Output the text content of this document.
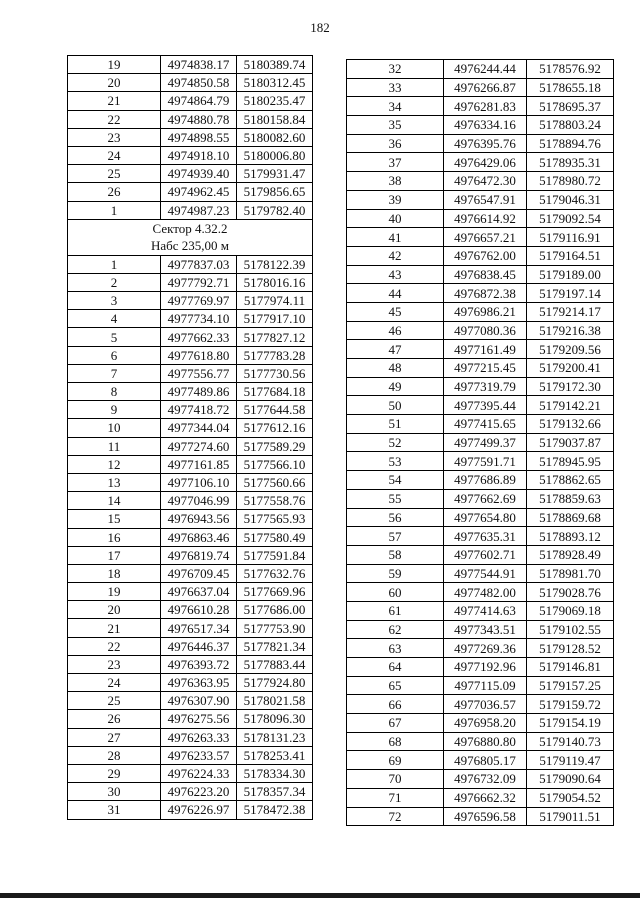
182
19	4974838.17	5180389.74
20	4974850.58	5180312.45
21	4974864.79	5180235.47
22	4974880.78	5180158.84
23	4974898.55	5180082.60
24	4974918.10	5180006.80
25	4974939.40	5179931.47
26	4974962.45	5179856.65
1	4974987.23	5179782.40

Сектор 4.32.2
Набс 235,00 м		

1	4977837.03	5178122.39
2	4977792.71	5178016.16
3	4977769.97	5177974.11
4	4977734.10	5177917.10
5	4977662.33	5177827.12
6	4977618.80	5177783.28
7	4977556.77	5177730.56
8	4977489.86	5177684.18
9	4977418.72	5177644.58
10	4977344.04	5177612.16
11	4977274.60	5177589.29
12	4977161.85	5177566.10
13	4977106.10	5177560.66
14	4977046.99	5177558.76
15	4976943.56	5177565.93
16	4976863.46	5177580.49
17	4976819.74	5177591.84
18	4976709.45	5177632.76
19	4976637.04	5177669.96
20	4976610.28	5177686.00
21	4976517.34	5177753.90
22	4976446.37	5177821.34
23	4976393.72	5177883.44
24	4976363.95	5177924.80
25	4976307.90	5178021.58
26	4976275.56	5178096.30
27	4976263.33	5178131.23
28	4976233.57	5178253.41
29	4976224.33	5178334.30
30	4976223.20	5178357.34
31	4976226.97	5178472.38
32	4976244.44	5178576.92
33	4976266.87	5178655.18
34	4976281.83	5178695.37
35	4976334.16	5178803.24
36	4976395.76	5178894.76
37	4976429.06	5178935.31
38	4976472.30	5178980.72
39	4976547.91	5179046.31
40	4976614.92	5179092.54
41	4976657.21	5179116.91
42	4976762.00	5179164.51
43	4976838.45	5179189.00
44	4976872.38	5179197.14
45	4976986.21	5179214.17
46	4977080.36	5179216.38
47	4977161.49	5179209.56
48	4977215.45	5179200.41
49	4977319.79	5179172.30
50	4977395.44	5179142.21
51	4977415.65	5179132.66
52	4977499.37	5179037.87
53	4977591.71	5178945.95
54	4977686.89	5178862.65
55	4977662.69	5178859.63
56	4977654.80	5178869.68
57	4977635.31	5178893.12
58	4977602.71	5178928.49
59	4977544.91	5178981.70
60	4977482.00	5179028.76
61	4977414.63	5179069.18
62	4977343.51	5179102.55
63	4977269.36	5179128.52
64	4977192.96	5179146.81
65	4977115.09	5179157.25
66	4977036.57	5179159.72
67	4976958.20	5179154.19
68	4976880.80	5179140.73
69	4976805.17	5179119.47
70	4976732.09	5179090.64
71	4976662.32	5179054.52
72	4976596.58	5179011.51
